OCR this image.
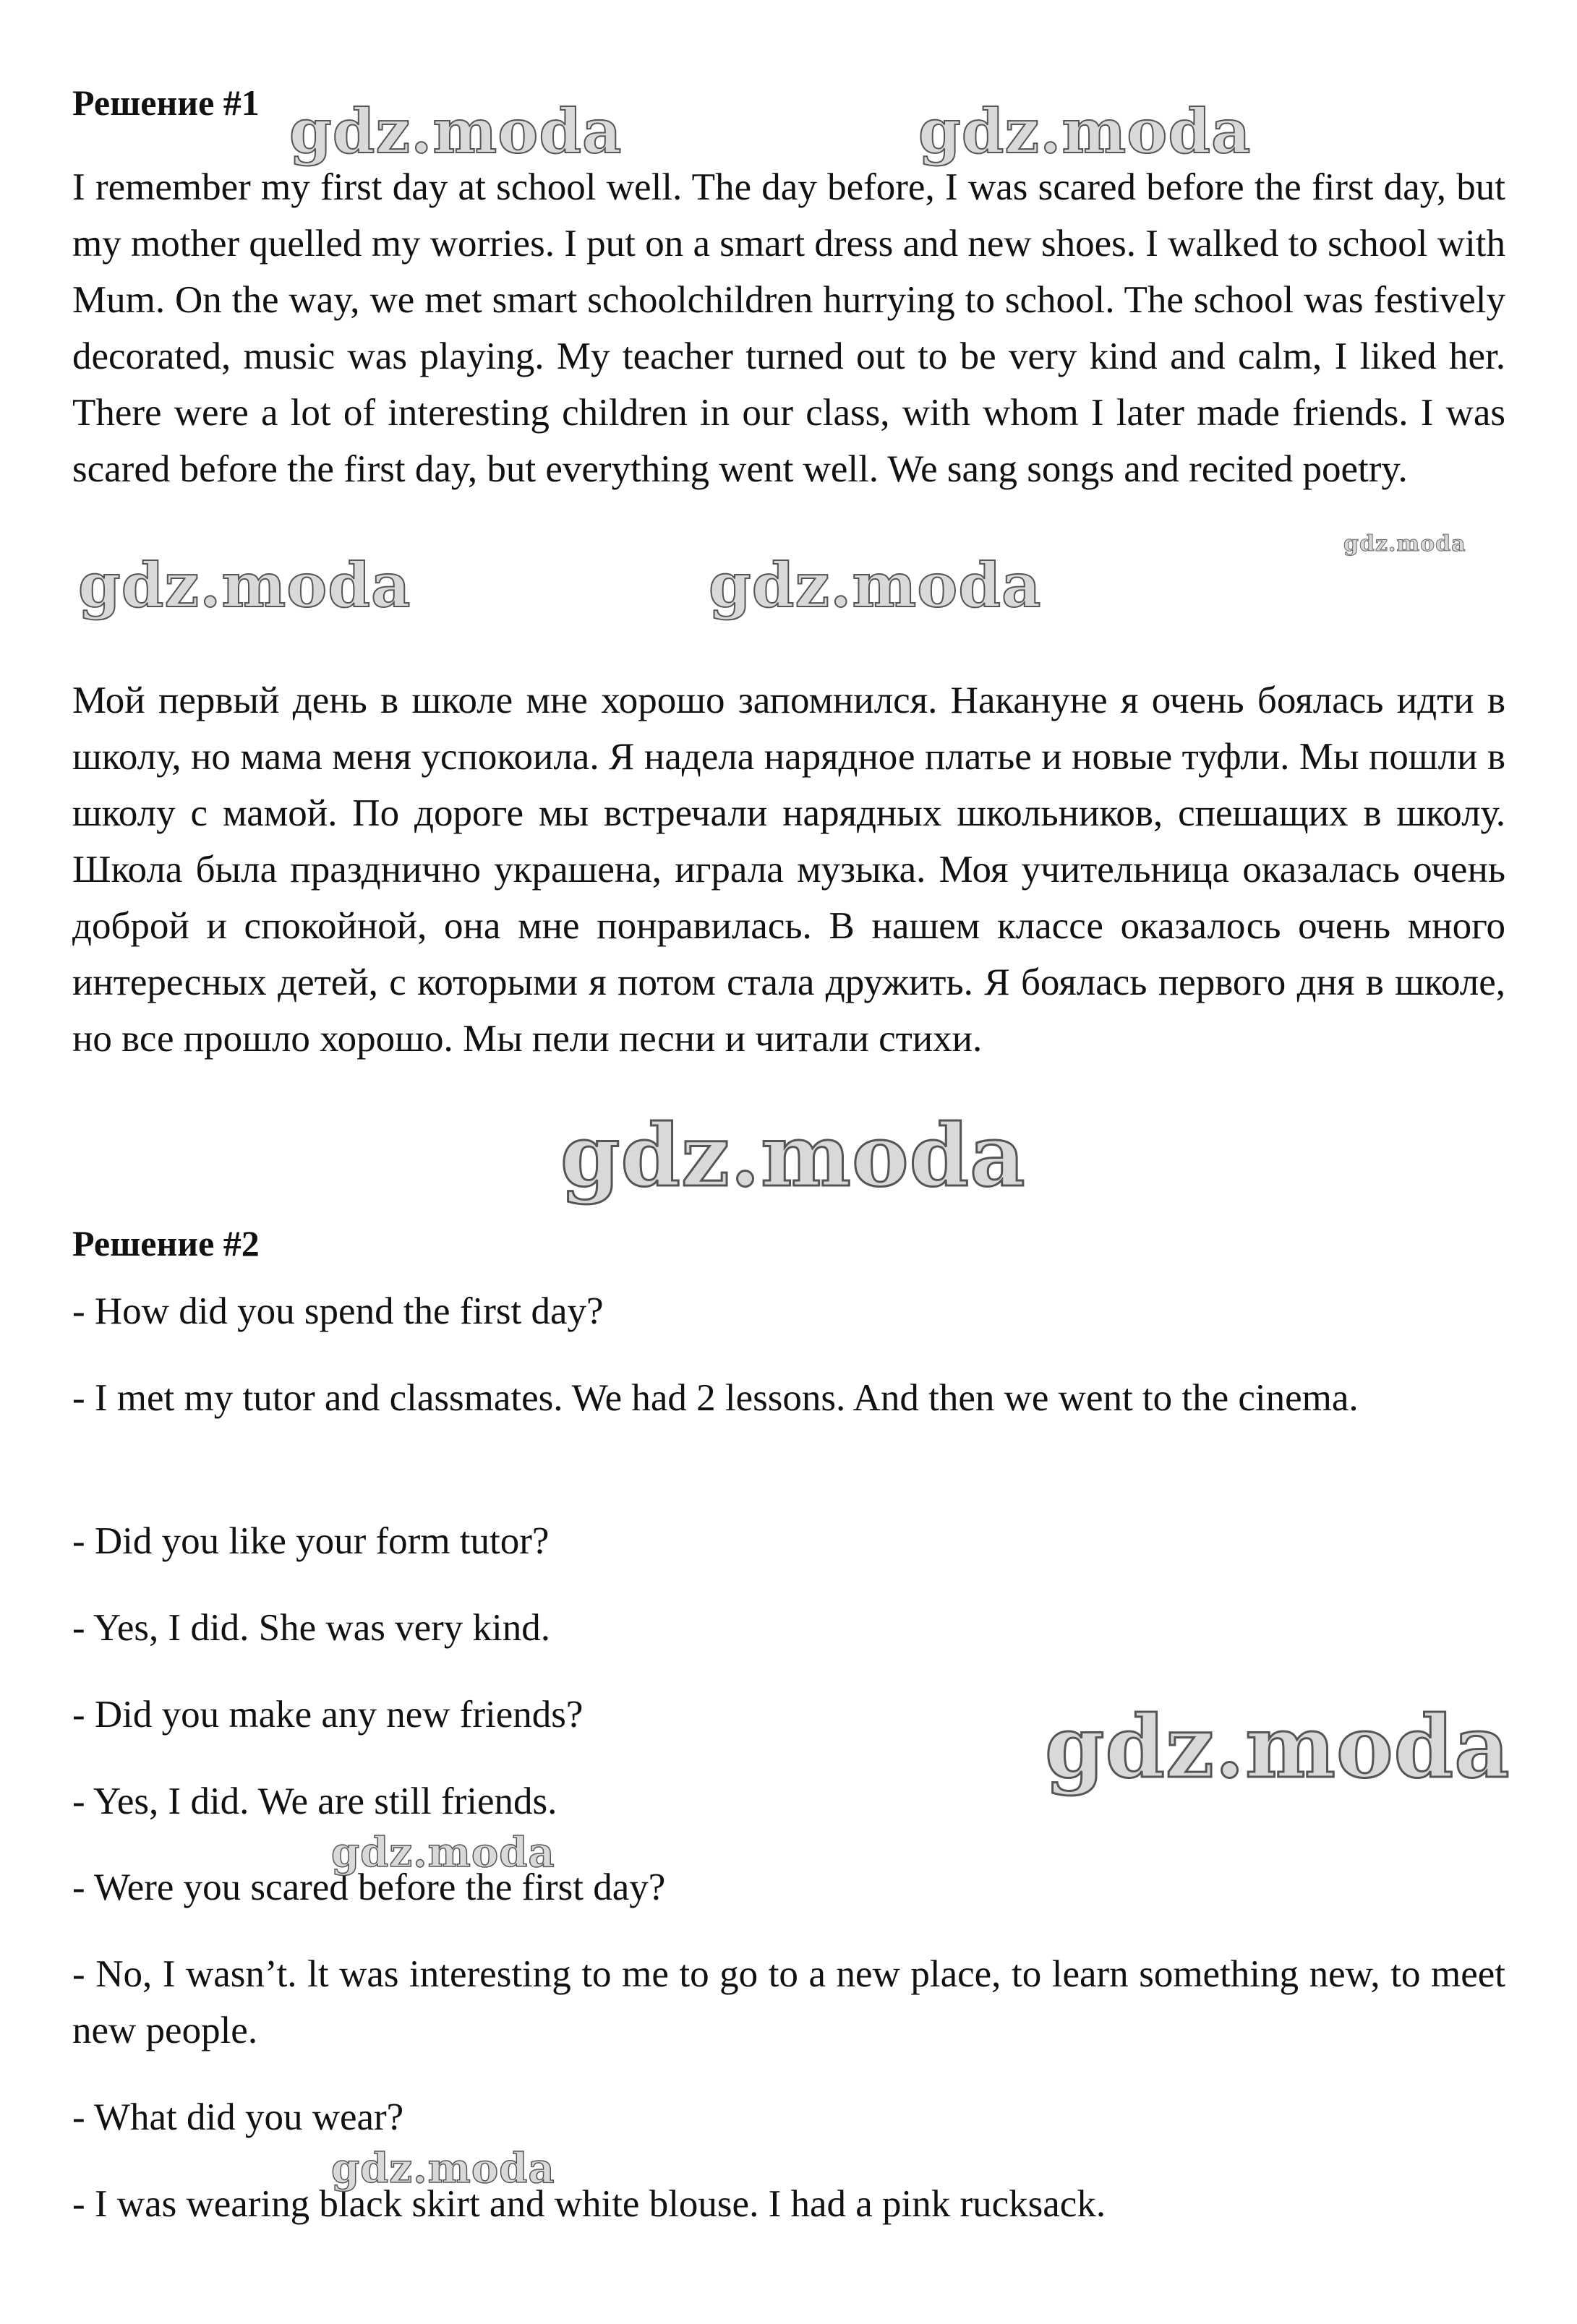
Решение #1
I remember my first day at school well. The day before, I was scared before the first day, but my mother quelled my worries. I put on a smart dress and new shoes. I walked to school with Mum. On the way, we met smart schoolchildren hurrying to school. The school was festively decorated, music was playing. My teacher turned out to be very kind and calm, I liked her. There were a lot of interesting children in our class, with whom I later made friends. I was scared before the first day, but everything went well. We sang songs and recited poetry.
Мой первый день в школе мне хорошо запомнился. Накануне я очень боялась идти в школу, но мама меня успокоила. Я надела нарядное платье и новые туфли. Мы пошли в школу с мамой. По дороге мы встречали нарядных школьников, спешащих в школу. Школа была празднично украшена, играла музыка. Моя учительница оказалась очень доброй и спокойной, она мне понравилась. В нашем классе оказалось очень много интересных детей, с которыми я потом стала дружить. Я боялась первого дня в школе, но все прошло хорошо. Мы пели песни и читали стихи.
Решение #2
- How did you spend the first day?
- I met my tutor and classmates. We had 2 lessons. And then we went to the cinema.
- Did you like your form tutor?
- Yes, I did. She was very kind.
- Did you make any new friends?
- Yes, I did. We are still friends.
- Were you scared before the first day?
- No, I wasn’t. lt was interesting to me to go to a new place, to learn something new, to meet new people.
- What did you wear?
- I was wearing black skirt and white blouse. I had a pink rucksack.
gdz.moda	gdz.moda
gdz.moda
gdz.moda	gdz.moda
gdz.moda
gdz.moda
gdz.moda
gdz.moda
